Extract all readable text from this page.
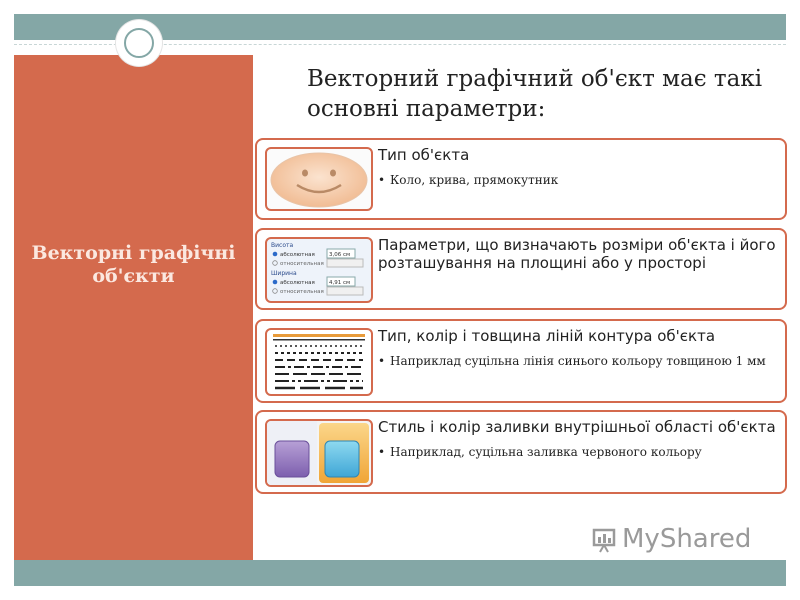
Векторні графічні об'єкти
Векторний графічний об'єкт має такі основні параметри:
Тип об'єкта
• Коло, крива, прямокутник
Висота
абсолютная	3,06 см
относительная
Ширина
абсолютная	4,91 см
относительная
Параметри, що визначають розміри об'єкта і його розташування на площині або у просторі
Тип, колір і товщина ліній контура об'єкта
• Наприклад суцільна лінія синього кольору товщиною 1 мм
Стиль і колір заливки внутрішньої області об'єкта
• Наприклад, суцільна заливка червоного кольору
MyShared
